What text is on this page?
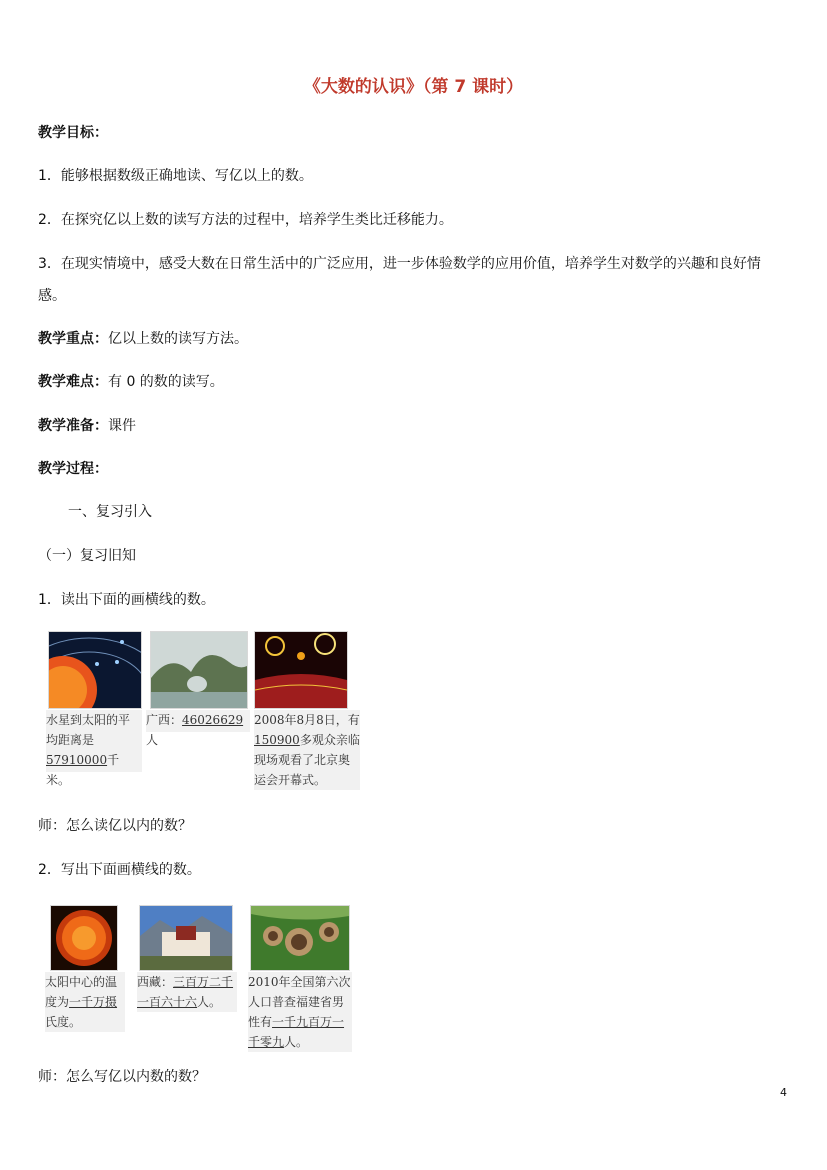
《大数的认识》（第 7 课时）
教学目标：
1．能够根据数级正确地读、写亿以上的数。
2．在探究亿以上数的读写方法的过程中，培养学生类比迁移能力。
3．在现实情境中，感受大数在日常生活中的广泛应用，进一步体验数学的应用价值，培养学生对数学的兴趣和良好情
感。
教学重点：亿以上数的读写方法。
教学难点：有 0 的数的读写。
教学准备：课件
教学过程：
一、复习引入
（一）复习旧知
1．读出下面的画横线的数。
水星到太阳的平
均距离是
57910000千米。
广西：46026629人
2008年8月8日，有
150900多观众亲临
现场观看了北京奥
运会开幕式。
师：怎么读亿以内的数？
2．写出下面画横线的数。
太阳中心的温
度为一千万摄
氏度。
西藏：三百万二千
一百六十六人。
2010年全国第六次
人口普查福建省男
性有一千九百万一
千零九人。
师：怎么写亿以内数的数？
4
